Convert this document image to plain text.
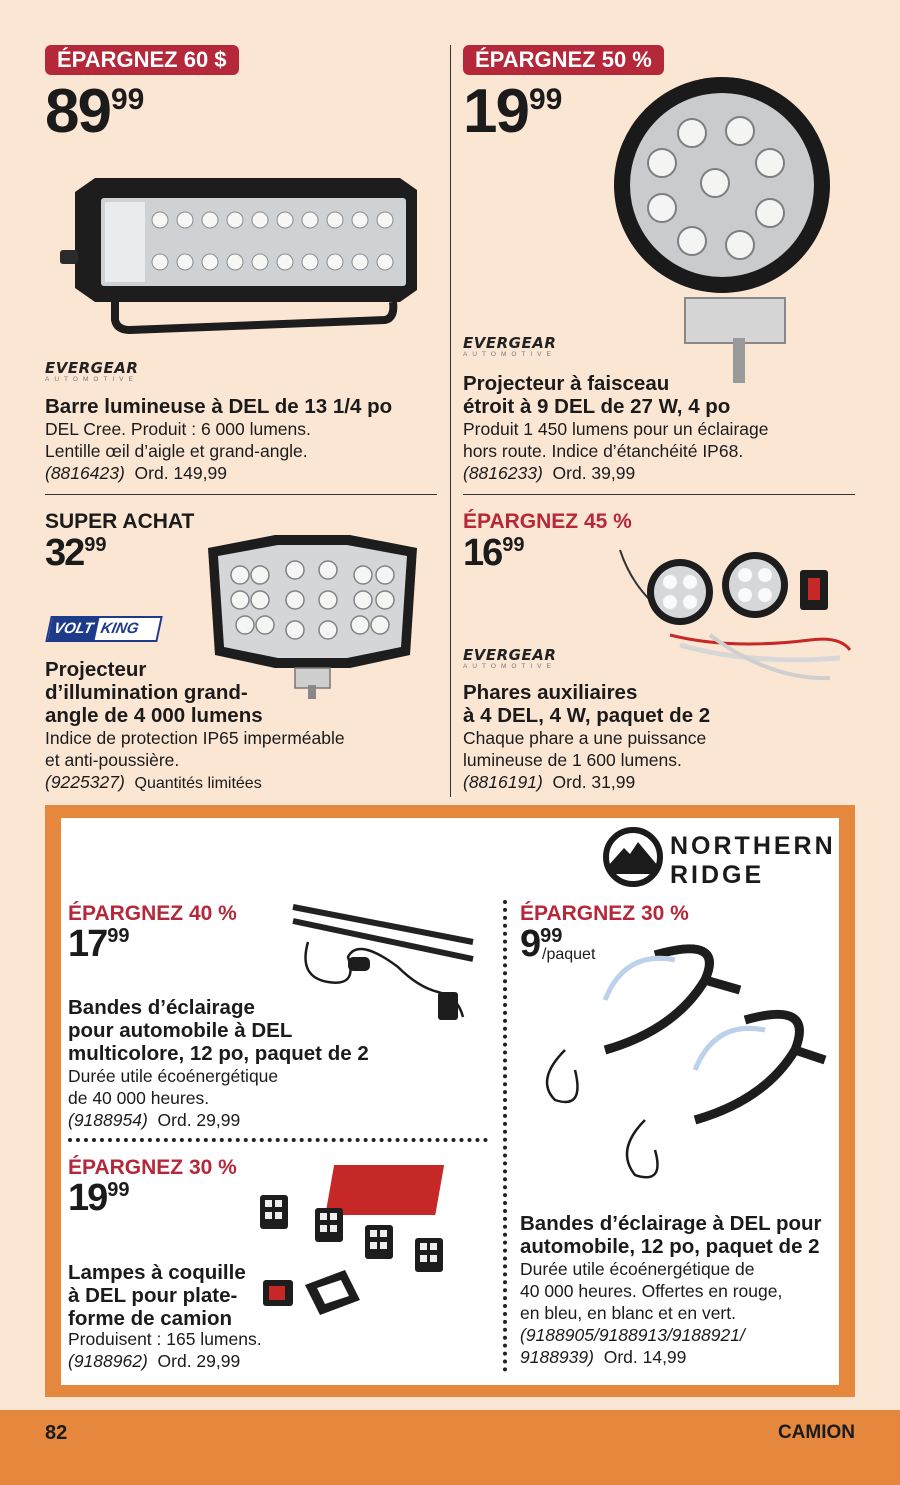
ÉPARGNEZ 60 $
8999
EVERGEAR
AUTOMOTIVE
Barre lumineuse à DEL de 13 1/4 po
DEL Cree. Produit : 6 000 lumens.
Lentille œil d’aigle et grand-angle.
(8816423) Ord. 149,99
ÉPARGNEZ 50 %
1999
EVERGEAR
AUTOMOTIVE
Projecteur à faisceau
étroit à 9 DEL de 27 W, 4 po
Produit 1 450 lumens pour un éclairage
hors route. Indice d’étanchéité IP68.
(8816233) Ord. 39,99
SUPER ACHAT
3299
VOLT KING
Projecteur
d’illumination grand-
angle de 4 000 lumens
Indice de protection IP65 imperméable
et anti-poussière.
(9225327) Quantités limitées
ÉPARGNEZ 45 %
1699
EVERGEAR
AUTOMOTIVE
Phares auxiliaires
à 4 DEL, 4 W, paquet de 2
Chaque phare a une puissance
lumineuse de 1 600 lumens.
(8816191) Ord. 31,99
NORTHERN
RIDGE
ÉPARGNEZ 40 %
1799
Bandes d’éclairage
pour automobile à DEL
multicolore, 12 po, paquet de 2
Durée utile écoénergétique
de 40 000 heures.
(9188954) Ord. 29,99
ÉPARGNEZ 30 %
1999
Lampes à coquille
à DEL pour plate-
forme de camion
Produisent : 165 lumens.
(9188962) Ord. 29,99
ÉPARGNEZ 30 %
999
/paquet
Bandes d’éclairage à DEL pour
automobile, 12 po, paquet de 2
Durée utile écoénergétique de
40 000 heures. Offertes en rouge,
en bleu, en blanc et en vert.
(9188905/9188913/9188921/
9188939) Ord. 14,99
82	CAMION
